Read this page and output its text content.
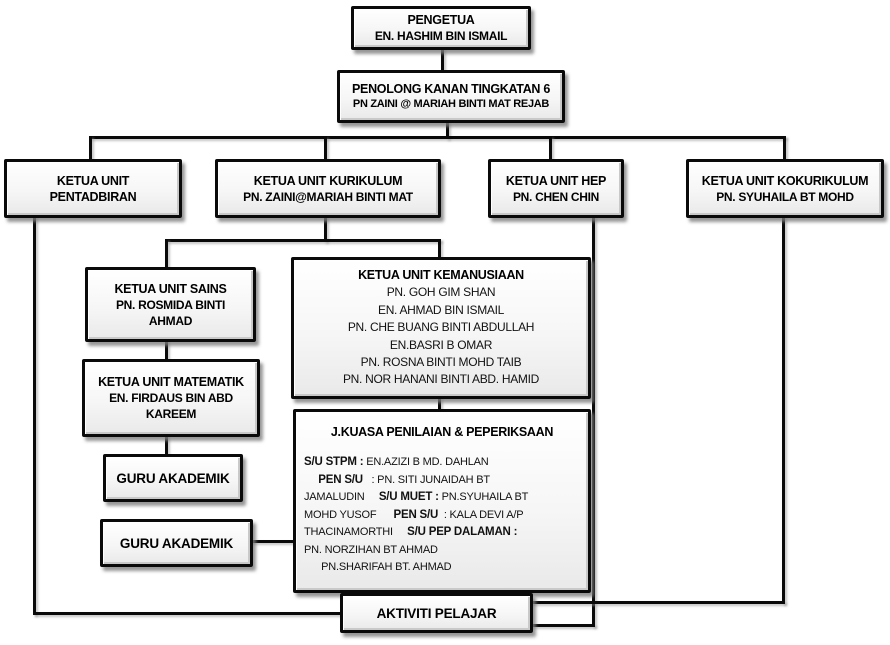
PENGETUA
EN. HASHIM BIN ISMAIL
PENOLONG KANAN TINGKATAN 6
PN ZAINI @ MARIAH BINTI MAT REJAB
KETUA UNIT PENTADBIRAN
KETUA UNIT KURIKULUM
PN. ZAINI@MARIAH BINTI MAT
KETUA UNIT HEP
PN. CHEN CHIN
KETUA UNIT KOKURIKULUM
PN. SYUHAILA BT MOHD
KETUA UNIT SAINS
PN. ROSMIDA BINTI AHMAD
KETUA UNIT MATEMATIK
EN. FIRDAUS BIN ABD KAREEM
GURU AKADEMIK
GURU AKADEMIK
KETUA UNIT KEMANUSIAAN
PN. GOH GIM SHAN
EN. AHMAD BIN ISMAIL
PN. CHE BUANG BINTI ABDULLAH
EN.BASRI B OMAR
PN. ROSNA BINTI MOHD TAIB
PN. NOR HANANI BINTI ABD. HAMID
J.KUASA PENILAIAN & PEPERIKSAAN
S/U STPM : EN.AZIZI B MD. DAHLAN
PEN S/U   : PN. SITI JUNAIDAH BT
JAMALUDIN     S/U MUET : PN.SYUHAILA BT
MOHD YUSOF      PEN S/U  : KALA DEVI A/P
THACINAMORTHI     S/U PEP DALAMAN :
PN. NORZIHAN BT AHMAD
PN.SHARIFAH BT. AHMAD
AKTIVITI PELAJAR
